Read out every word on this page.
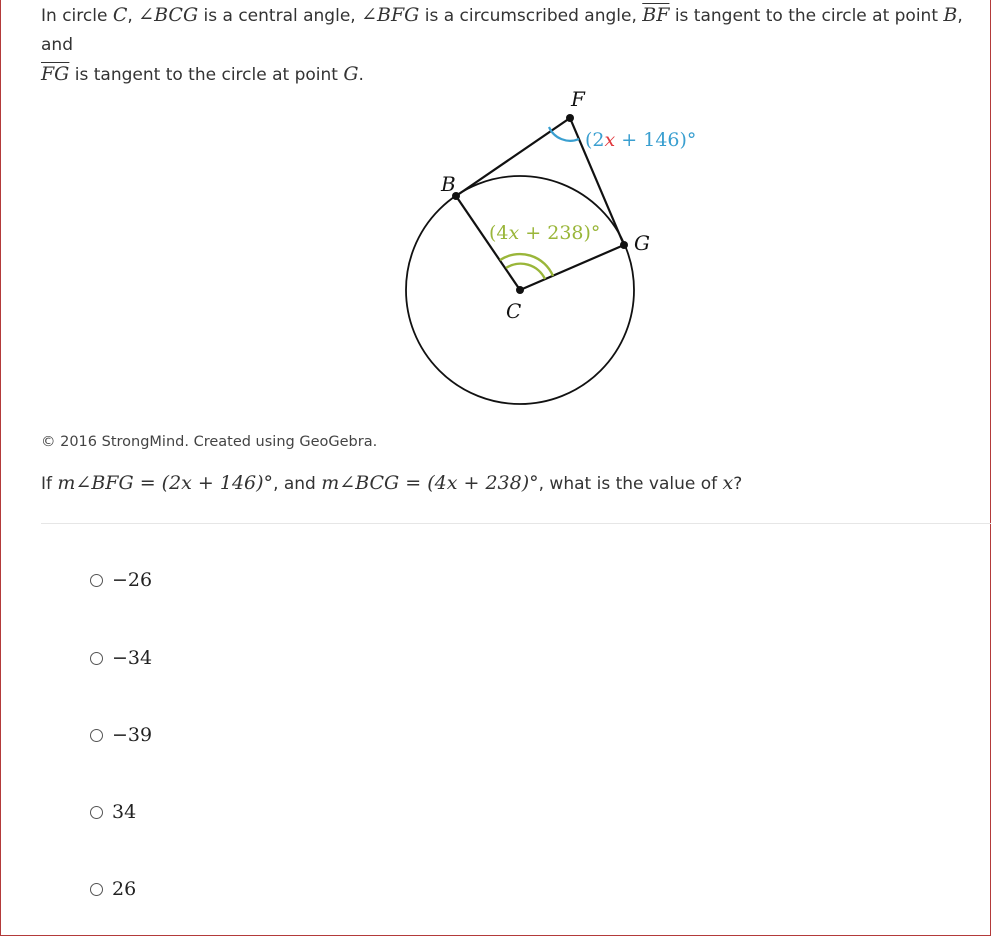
In circle C, ∠BCG is a central angle, ∠BFG is a circumscribed angle, $\overline{BF}$ is tangent to the circle at point B, and
$\overline{FG}$ is tangent to the circle at point G.
F
B
G
C
(2x + 146)°
(4x + 238)°
© 2016 StrongMind. Created using GeoGebra.
If m∠BFG = (2x + 146)°, and m∠BCG = (4x + 238)°, what is the value of x?
−26
−34
−39
34
26
